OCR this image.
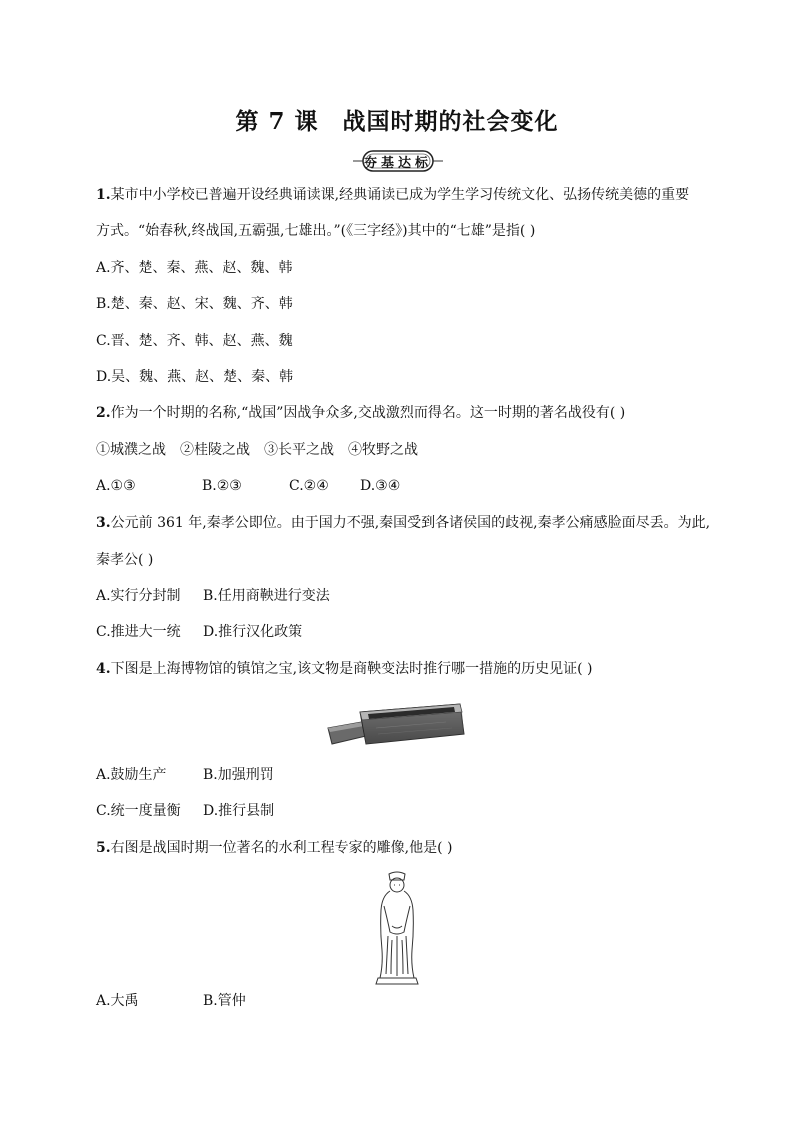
第 7 课　战国时期的社会变化
夯基达标
1.某市中小学校已普遍开设经典诵读课,经典诵读已成为学生学习传统文化、弘扬传统美德的重要
方式。“始春秋,终战国,五霸强,七雄出。”(《三字经》)其中的“七雄”是指( )
A.齐、楚、秦、燕、赵、魏、韩
B.楚、秦、赵、宋、魏、齐、韩
C.晋、楚、齐、韩、赵、燕、魏
D.吴、魏、燕、赵、楚、秦、韩
2.作为一个时期的名称,“战国”因战争众多,交战激烈而得名。这一时期的著名战役有( )
①城濮之战　②桂陵之战　③长平之战　④牧野之战
A.①③	B.②③	C.②④ D.③④
3.公元前 361 年,秦孝公即位。由于国力不强,秦国受到各诸侯国的歧视,秦孝公痛感脸面尽丢。为此,
秦孝公( )
A.实行分封制 B.任用商鞅进行变法
C.推进大一统 D.推行汉化政策
4.下图是上海博物馆的镇馆之宝,该文物是商鞅变法时推行哪一措施的历史见证( )
A.鼓励生产	B.加强刑罚
C.统一度量衡 D.推行县制
5.右图是战国时期一位著名的水利工程专家的雕像,他是( )
A.大禹	B.管仲
